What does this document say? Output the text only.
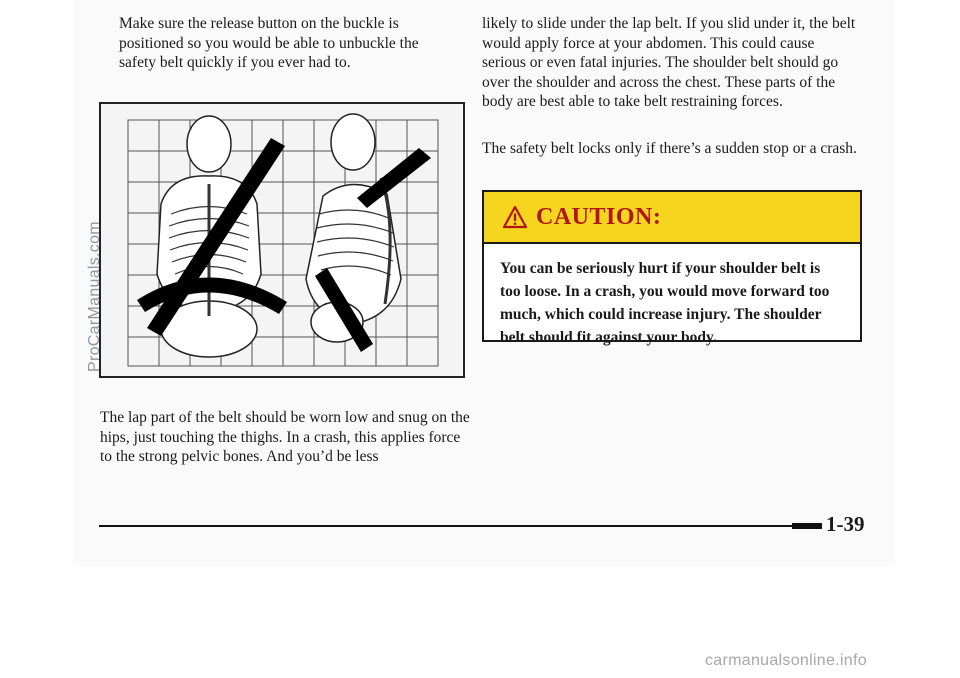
Make sure the release button on the buckle is positioned so you would be able to unbuckle the safety belt quickly if you ever had to.

The lap part of the belt should be worn low and snug on the hips, just touching the thighs. In a crash, this applies force to the strong pelvic bones. And you’d be less

likely to slide under the lap belt. If you slid under it, the belt would apply force at your abdomen. This could cause serious or even fatal injuries. The shoulder belt should go over the shoulder and across the chest. These parts of the body are best able to take belt restraining forces.

The safety belt locks only if there’s a sudden stop or a crash.

CAUTION:
You can be seriously hurt if your shoulder belt is too loose. In a crash, you would move forward too much, which could increase injury. The shoulder belt should fit against your body.
1-39
ProCarManuals.com
carmanualsonline.info
